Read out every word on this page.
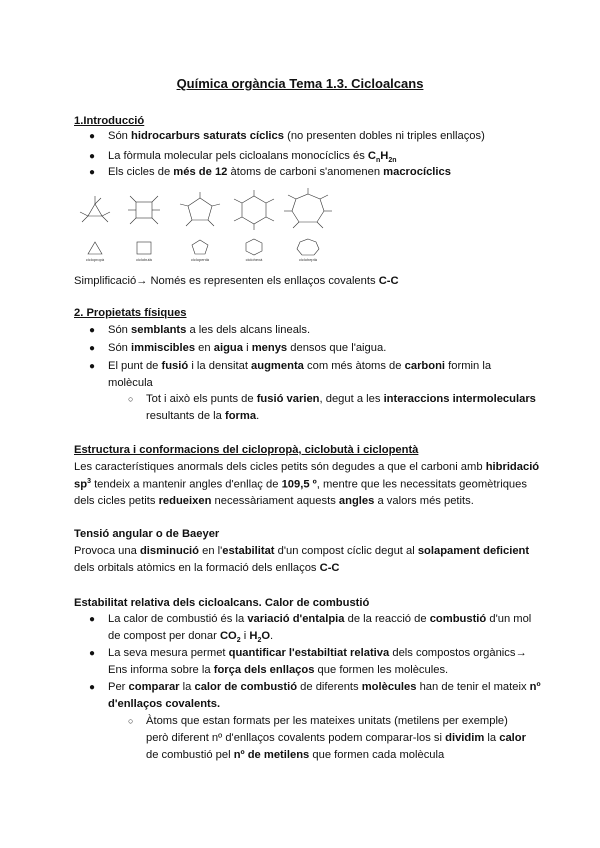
Química orgància Tema 1.3. Cicloalcans
1.Introducció
● Són hidrocarburs saturats cíclics (no presenten dobles ni triples enllaços)
● La fòrmula molecular pels cicloalans monocíclics és $C_nH_{2n}$
● Els cicles de més de 12 àtoms de carboni s'anomenen macrocíclics
ciclopropà	ciclobutà	ciclopentà	ciclohexà	cicloheptà
Simplificació→ Només es representen els enllaços covalents C-C
2. Propietats físiques
● Són semblants a les dels alcans lineals.
● Són immiscibles en aigua i menys densos que l'aigua.
● El punt de fusió i la densitat augmenta com més àtoms de carboni formin la
molècula
○ Tot i això els punts de fusió varien, degut a les interaccions intermoleculars
resultants de la forma.
Estructura i conformacions del ciclopropà, ciclobutà i ciclopentà
Les característiques anormals dels cicles petits són degudes a que el carboni amb hibridació
$sp^3$ tendeix a mantenir angles d'enllaç de 109,5 º, mentre que les necessitats geomètriques
dels cicles petits redueixen necessàriament aquests angles a valors més petits.
Tensió angular o de Baeyer
Provoca una disminució en l'estabilitat d'un compost cíclic degut al solapament deficient
dels orbitals atòmics en la formació dels enllaços C-C
Estabilitat relativa dels cicloalcans. Calor de combustió
● La calor de combustió és la variació d'entalpia de la reacció de combustió d'un mol
de compost per donar $CO_2$ i $H_2O$.
● La seva mesura permet quantificar l'estabiltiat relativa dels compostos orgànics→
Ens informa sobre la força dels enllaços que formen les molècules.
● Per comparar la calor de combustió de diferents molècules han de tenir el mateix nº
d'enllaços covalents.
○ Àtoms que estan formats per les mateixes unitats (metilens per exemple)
però diferent nº d'enllaços covalents podem comparar-los si dividim la calor
de combustió pel nº de metilens que formen cada molècula
